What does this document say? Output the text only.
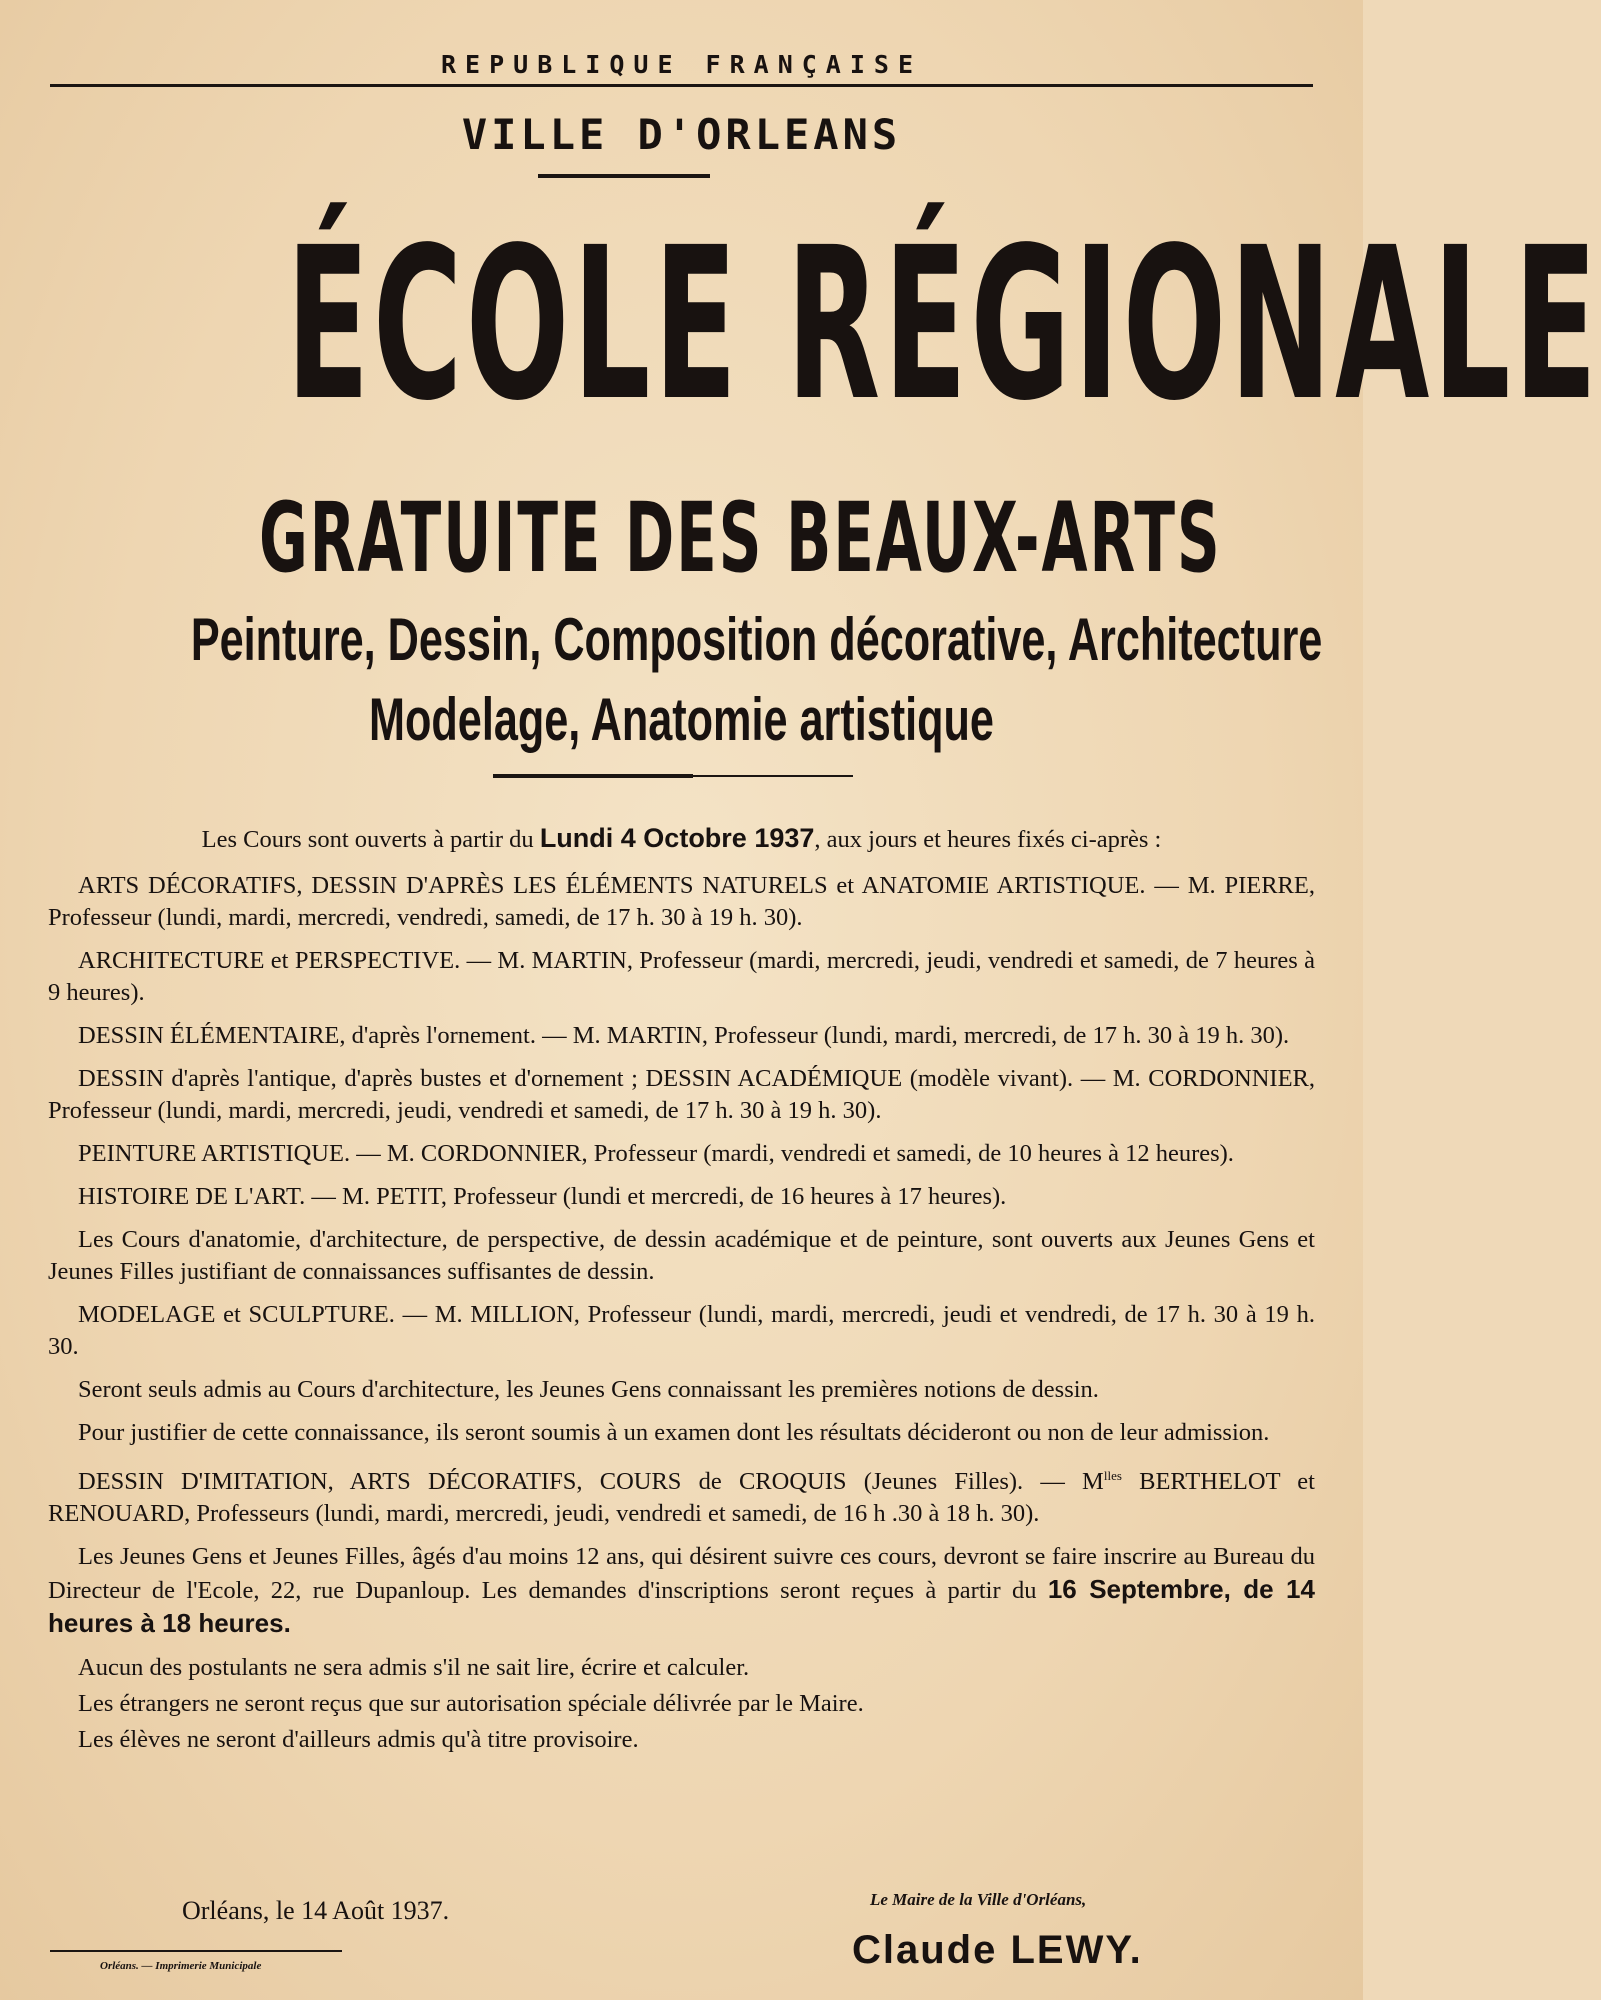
REPUBLIQUE FRANÇAISE
VILLE D'ORLEANS
ÉCOLE RÉGIONALE
GRATUITE DES BEAUX-ARTS
Peinture, Dessin, Composition décorative, Architecture
Modelage, Anatomie artistique

Les Cours sont ouverts à partir du Lundi 4 Octobre 1937, aux jours et heures fixés ci-après :

ARTS DÉCORATIFS, DESSIN D'APRÈS LES ÉLÉMENTS NATURELS et ANATOMIE ARTISTIQUE. — M. PIERRE, Professeur (lundi, mardi, mercredi, vendredi, samedi, de 17 h. 30 à 19 h. 30).

ARCHITECTURE et PERSPECTIVE. — M. MARTIN, Professeur (mardi, mercredi, jeudi, vendredi et samedi, de 7 heures à 9 heures).

DESSIN ÉLÉMENTAIRE, d'après l'ornement. — M. MARTIN, Professeur (lundi, mardi, mercredi, de 17 h. 30 à 19 h. 30).

DESSIN d'après l'antique, d'après bustes et d'ornement ; DESSIN ACADÉMIQUE (modèle vivant). — M. CORDONNIER, Professeur (lundi, mardi, mercredi, jeudi, vendredi et samedi, de 17 h. 30 à 19 h. 30).

PEINTURE ARTISTIQUE. — M. CORDONNIER, Professeur (mardi, vendredi et samedi, de 10 heures à 12 heures).

HISTOIRE DE L'ART. — M. PETIT, Professeur (lundi et mercredi, de 16 heures à 17 heures).

Les Cours d'anatomie, d'architecture, de perspective, de dessin académique et de peinture, sont ouverts aux Jeunes Gens et Jeunes Filles justifiant de connaissances suffisantes de dessin.

MODELAGE et SCULPTURE. — M. MILLION, Professeur (lundi, mardi, mercredi, jeudi et vendredi, de 17 h. 30 à 19 h. 30.

Seront seuls admis au Cours d'architecture, les Jeunes Gens connaissant les premières notions de dessin.

Pour justifier de cette connaissance, ils seront soumis à un examen dont les résultats décideront ou non de leur admission.

DESSIN D'IMITATION, ARTS DÉCORATIFS, COURS de CROQUIS (Jeunes Filles). — $M^{lles}$ BERTHELOT et RENOUARD, Professeurs (lundi, mardi, mercredi, jeudi, vendredi et samedi, de 16 h .30 à 18 h. 30).

Les Jeunes Gens et Jeunes Filles, âgés d'au moins 12 ans, qui désirent suivre ces cours, devront se faire inscrire au Bureau du Directeur de l'Ecole, 22, rue Dupanloup. Les demandes d'inscriptions seront reçues à partir du 16 Septembre, de 14 heures à 18 heures.

Aucun des postulants ne sera admis s'il ne sait lire, écrire et calculer.

Les étrangers ne seront reçus que sur autorisation spéciale délivrée par le Maire.

Les élèves ne seront d'ailleurs admis qu'à titre provisoire.

Orléans, le 14 Août 1937.	Le Maire de la Ville d'Orléans,
Claude LEWY.
Orléans. — Imprimerie Municipale
